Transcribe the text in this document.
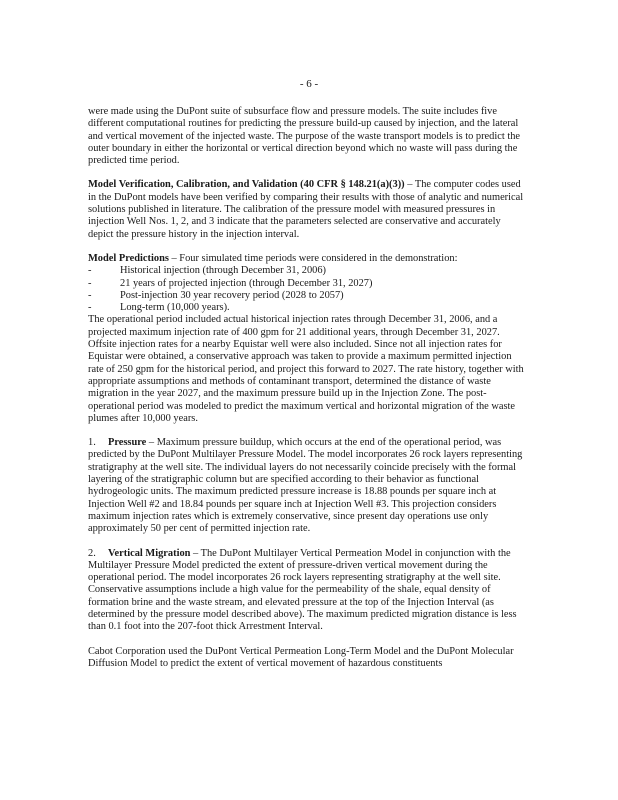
- 6 -

were made using the DuPont suite of subsurface flow and pressure models. The suite includes five different computational routines for predicting the pressure build-up caused by injection, and the lateral and vertical movement of the injected waste. The purpose of the waste transport models is to predict the outer boundary in either the horizontal or vertical direction beyond which no waste will pass during the predicted time period.

Model Verification, Calibration, and Validation (40 CFR § 148.21(a)(3)) – The computer codes used in the DuPont models have been verified by comparing their results with those of analytic and numerical solutions published in literature. The calibration of the pressure model with measured pressures in injection Well Nos. 1, 2, and 3 indicate that the parameters selected are conservative and accurately depict the pressure history in the injection interval.

Model Predictions – Four simulated time periods were considered in the demonstration:

-	Historical injection (through December 31, 2006)
-	21 years of projected injection (through December 31, 2027)
-	Post-injection 30 year recovery period (2028 to 2057)
-	Long-term (10,000 years).

The operational period included actual historical injection rates through December 31, 2006, and a projected maximum injection rate of 400 gpm for 21 additional years, through December 31, 2027. Offsite injection rates for a nearby Equistar well were also included. Since not all injection rates for Equistar were obtained, a conservative approach was taken to provide a maximum permitted injection rate of 250 gpm for the historical period, and project this forward to 2027. The rate history, together with appropriate assumptions and methods of contaminant transport, determined the distance of waste migration in the year 2027, and the maximum pressure build up in the Injection Zone. The post-operational period was modeled to predict the maximum vertical and horizontal migration of the waste plumes after 10,000 years.

1. Pressure – Maximum pressure buildup, which occurs at the end of the operational period, was predicted by the DuPont Multilayer Pressure Model. The model incorporates 26 rock layers representing stratigraphy at the well site. The individual layers do not necessarily coincide precisely with the formal layering of the stratigraphic column but are specified according to their behavior as functional hydrogeologic units. The maximum predicted pressure increase is 18.88 pounds per square inch at Injection Well #2 and 18.84 pounds per square inch at Injection Well #3. This projection considers maximum injection rates which is extremely conservative, since present day operations use only approximately 50 per cent of permitted injection rate.

2. Vertical Migration – The DuPont Multilayer Vertical Permeation Model in conjunction with the Multilayer Pressure Model predicted the extent of pressure-driven vertical movement during the operational period. The model incorporates 26 rock layers representing stratigraphy at the well site. Conservative assumptions include a high value for the permeability of the shale, equal density of formation brine and the waste stream, and elevated pressure at the top of the Injection Interval (as determined by the pressure model described above). The maximum predicted migration distance is less than 0.1 foot into the 207-foot thick Arrestment Interval.

Cabot Corporation used the DuPont Vertical Permeation Long-Term Model and the DuPont Molecular Diffusion Model to predict the extent of vertical movement of hazardous constituents
